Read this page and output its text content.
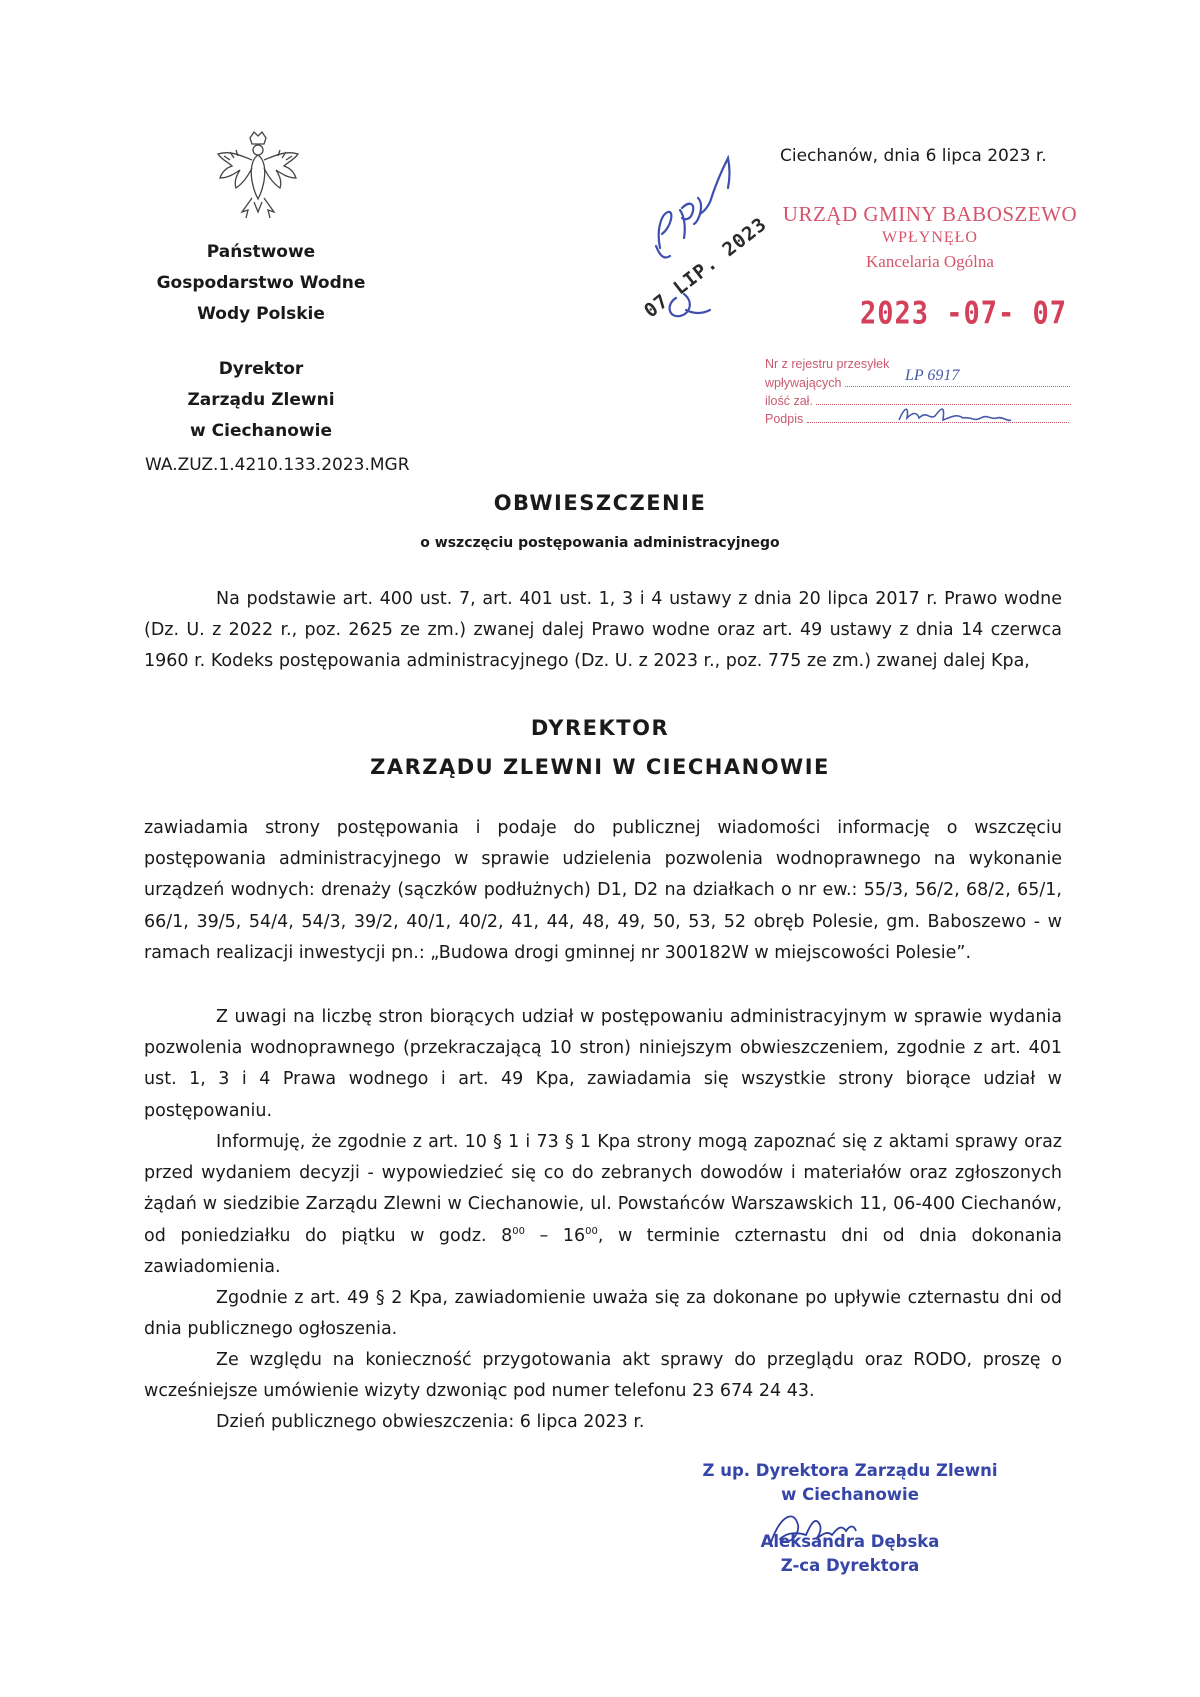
Państwowe
Gospodarstwo Wodne
Wody Polskie
Dyrektor
Zarządu Zlewni
w Ciechanowie
WA.ZUZ.1.4210.133.2023.MGR
Ciechanów, dnia 6 lipca 2023 r.
07 LIP. 2023 URZĄD GMINY BABOSZEWO
WPŁYNĘŁO
Kancelaria Ogólna
2023 -07- 07
Nr z rejestru przesyłek
wpływających
ilość zał.
Podpis
LP 6917
OBWIESZCZENIE
o wszczęciu postępowania administracyjnego
Na podstawie art. 400 ust. 7, art. 401 ust. 1, 3 i 4 ustawy z dnia 20 lipca 2017 r. Prawo wodne (Dz. U. z 2022 r., poz. 2625 ze zm.) zwanej dalej Prawo wodne oraz art. 49 ustawy z dnia 14 czerwca 1960 r. Kodeks postępowania administracyjnego (Dz. U. z 2023 r., poz. 775 ze zm.) zwanej dalej Kpa,
DYREKTOR
ZARZĄDU ZLEWNI W CIECHANOWIE
zawiadamia strony postępowania i podaje do publicznej wiadomości informację o wszczęciu postępowania administracyjnego w sprawie udzielenia pozwolenia wodnoprawnego na wykonanie urządzeń wodnych: drenaży (sączków podłużnych) D1, D2 na działkach o nr ew.: 55/3, 56/2, 68/2, 65/1, 66/1, 39/5, 54/4, 54/3, 39/2, 40/1, 40/2, 41, 44, 48, 49, 50, 53, 52 obręb Polesie, gm. Baboszewo - w ramach realizacji inwestycji pn.: „Budowa drogi gminnej nr 300182W w miejscowości Polesie”.
Z uwagi na liczbę stron biorących udział w postępowaniu administracyjnym w sprawie wydania pozwolenia wodnoprawnego (przekraczającą 10 stron) niniejszym obwieszczeniem, zgodnie z art. 401 ust. 1, 3 i 4 Prawa wodnego i art. 49 Kpa, zawiadamia się wszystkie strony biorące udział w postępowaniu.
Informuję, że zgodnie z art. 10 § 1 i 73 § 1 Kpa strony mogą zapoznać się z aktami sprawy oraz przed wydaniem decyzji - wypowiedzieć się co do zebranych dowodów i materiałów oraz zgłoszonych żądań w siedzibie Zarządu Zlewni w Ciechanowie, ul. Powstańców Warszawskich 11, 06-400 Ciechanów, od poniedziałku do piątku w godz. $8^{00} - 16^{00}$, w terminie czternastu dni od dnia dokonania zawiadomienia.
Zgodnie z art. 49 § 2 Kpa, zawiadomienie uważa się za dokonane po upływie czternastu dni od dnia publicznego ogłoszenia.
Ze względu na konieczność przygotowania akt sprawy do przeglądu oraz RODO, proszę o wcześniejsze umówienie wizyty dzwoniąc pod numer telefonu 23 674 24 43.
Dzień publicznego obwieszczenia: 6 lipca 2023 r.
Z up. Dyrektora Zarządu Zlewni
w Ciechanowie
Aleksandra Dębska
Z-ca Dyrektora
